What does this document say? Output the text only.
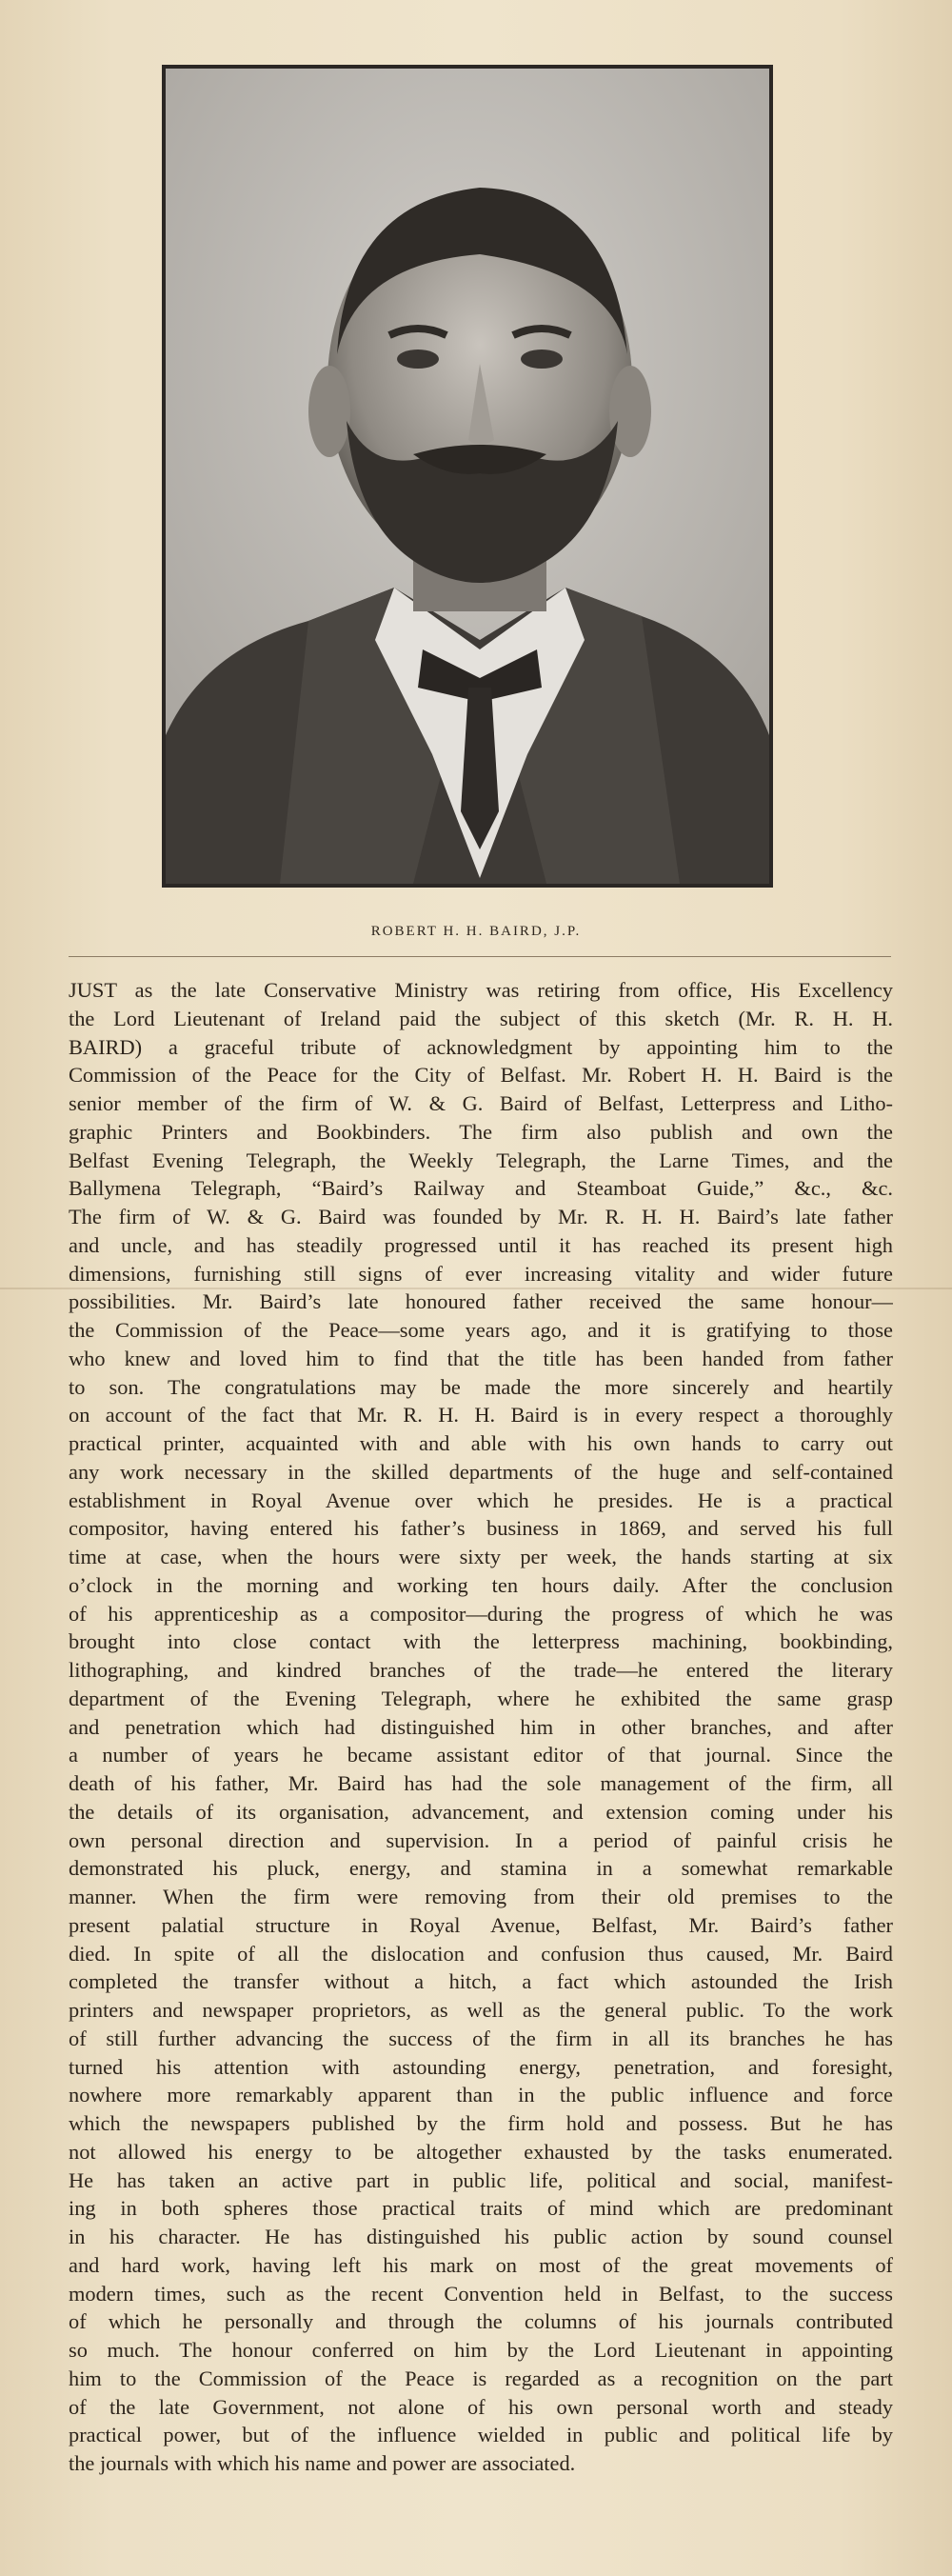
ROBERT H. H. BAIRD, J.P.
JUST as the late Conservative Ministry was retiring from office, His Excellency
the Lord Lieutenant of Ireland paid the subject of this sketch (Mr. R. H. H.
BAIRD) a graceful tribute of acknowledgment by appointing him to the
Commission of the Peace for the City of Belfast. Mr. Robert H. H. Baird is the
senior member of the firm of W. & G. Baird of Belfast, Letterpress and Litho-
graphic Printers and Bookbinders. The firm also publish and own the
Belfast Evening Telegraph, the Weekly Telegraph, the Larne Times, and the
Ballymena Telegraph, “Baird’s Railway and Steamboat Guide,” &c., &c.
The firm of W. & G. Baird was founded by Mr. R. H. H. Baird’s late father
and uncle, and has steadily progressed until it has reached its present high
dimensions, furnishing still signs of ever increasing vitality and wider future
possibilities. Mr. Baird’s late honoured father received the same honour—
the Commission of the Peace—some years ago, and it is gratifying to those
who knew and loved him to find that the title has been handed from father
to son. The congratulations may be made the more sincerely and heartily
on account of the fact that Mr. R. H. H. Baird is in every respect a thoroughly
practical printer, acquainted with and able with his own hands to carry out
any work necessary in the skilled departments of the huge and self-contained
establishment in Royal Avenue over which he presides. He is a practical
compositor, having entered his father’s business in 1869, and served his full
time at case, when the hours were sixty per week, the hands starting at six
o’clock in the morning and working ten hours daily. After the conclusion
of his apprenticeship as a compositor—during the progress of which he was
brought into close contact with the letterpress machining, bookbinding,
lithographing, and kindred branches of the trade—he entered the literary
department of the Evening Telegraph, where he exhibited the same grasp
and penetration which had distinguished him in other branches, and after
a number of years he became assistant editor of that journal. Since the
death of his father, Mr. Baird has had the sole management of the firm, all
the details of its organisation, advancement, and extension coming under his
own personal direction and supervision. In a period of painful crisis he
demonstrated his pluck, energy, and stamina in a somewhat remarkable
manner. When the firm were removing from their old premises to the
present palatial structure in Royal Avenue, Belfast, Mr. Baird’s father
died. In spite of all the dislocation and confusion thus caused, Mr. Baird
completed the transfer without a hitch, a fact which astounded the Irish
printers and newspaper proprietors, as well as the general public. To the work
of still further advancing the success of the firm in all its branches he has
turned his attention with astounding energy, penetration, and foresight,
nowhere more remarkably apparent than in the public influence and force
which the newspapers published by the firm hold and possess. But he has
not allowed his energy to be altogether exhausted by the tasks enumerated.
He has taken an active part in public life, political and social, manifest-
ing in both spheres those practical traits of mind which are predominant
in his character. He has distinguished his public action by sound counsel
and hard work, having left his mark on most of the great movements of
modern times, such as the recent Convention held in Belfast, to the success
of which he personally and through the columns of his journals contributed
so much. The honour conferred on him by the Lord Lieutenant in appointing
him to the Commission of the Peace is regarded as a recognition on the part
of the late Government, not alone of his own personal worth and steady
practical power, but of the influence wielded in public and political life by
the journals with which his name and power are associated.
